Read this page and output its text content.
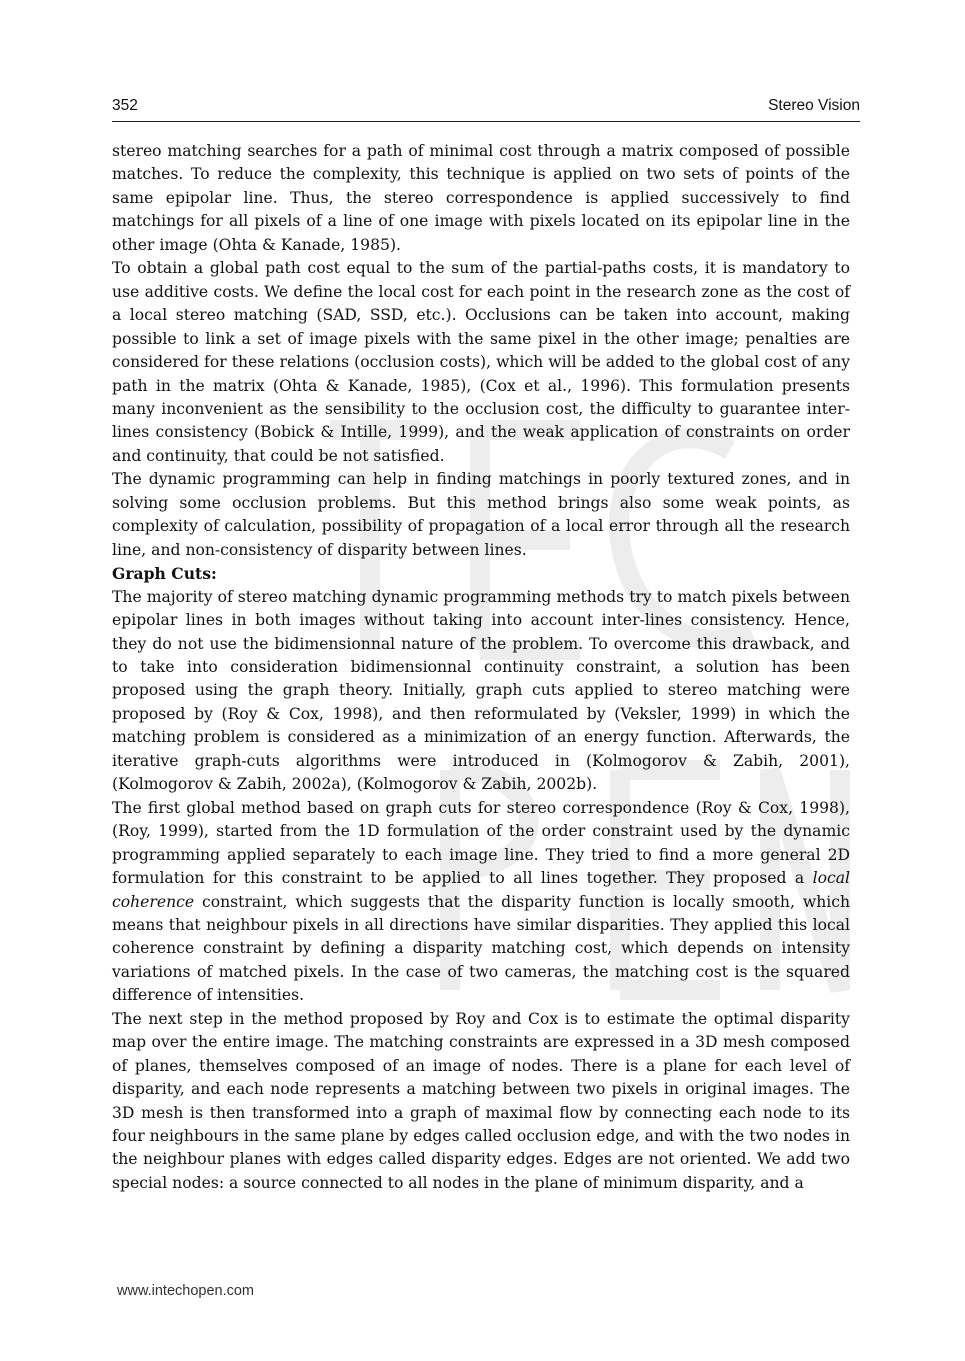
352	Stereo Vision

stereo matching searches for a path of minimal cost through a matrix composed of possible matches. To reduce the complexity, this technique is applied on two sets of points of the same epipolar line. Thus, the stereo correspondence is applied successively to find matchings for all pixels of a line of one image with pixels located on its epipolar line in the other image (Ohta & Kanade, 1985).

To obtain a global path cost equal to the sum of the partial-paths costs, it is mandatory to use additive costs. We define the local cost for each point in the research zone as the cost of a local stereo matching (SAD, SSD, etc.). Occlusions can be taken into account, making possible to link a set of image pixels with the same pixel in the other image; penalties are considered for these relations (occlusion costs), which will be added to the global cost of any path in the matrix (Ohta & Kanade, 1985), (Cox et al., 1996). This formulation presents many inconvenient as the sensibility to the occlusion cost, the difficulty to guarantee inter-lines consistency (Bobick & Intille, 1999), and the weak application of constraints on order and continuity, that could be not satisfied.

The dynamic programming can help in finding matchings in poorly textured zones, and in solving some occlusion problems. But this method brings also some weak points, as complexity of calculation, possibility of propagation of a local error through all the research line, and non-consistency of disparity between lines.

Graph Cuts:

The majority of stereo matching dynamic programming methods try to match pixels between epipolar lines in both images without taking into account inter-lines consistency. Hence, they do not use the bidimensionnal nature of the problem. To overcome this drawback, and to take into consideration bidimensionnal continuity constraint, a solution has been proposed using the graph theory. Initially, graph cuts applied to stereo matching were proposed by (Roy & Cox, 1998), and then reformulated by (Veksler, 1999) in which the matching problem is considered as a minimization of an energy function. Afterwards, the iterative graph-cuts algorithms were introduced in (Kolmogorov & Zabih, 2001), (Kolmogorov & Zabih, 2002a), (Kolmogorov & Zabih, 2002b).

The first global method based on graph cuts for stereo correspondence (Roy & Cox, 1998), (Roy, 1999), started from the 1D formulation of the order constraint used by the dynamic programming applied separately to each image line. They tried to find a more general 2D formulation for this constraint to be applied to all lines together. They proposed a local coherence constraint, which suggests that the disparity function is locally smooth, which means that neighbour pixels in all directions have similar disparities. They applied this local coherence constraint by defining a disparity matching cost, which depends on intensity variations of matched pixels. In the case of two cameras, the matching cost is the squared difference of intensities.

The next step in the method proposed by Roy and Cox is to estimate the optimal disparity map over the entire image. The matching constraints are expressed in a 3D mesh composed of planes, themselves composed of an image of nodes. There is a plane for each level of disparity, and each node represents a matching between two pixels in original images. The 3D mesh is then transformed into a graph of maximal flow by connecting each node to its four neighbours in the same plane by edges called occlusion edge, and with the two nodes in the neighbour planes with edges called disparity edges. Edges are not oriented. We add two special nodes: a source connected to all nodes in the plane of minimum disparity, and a

www.intechopen.com
